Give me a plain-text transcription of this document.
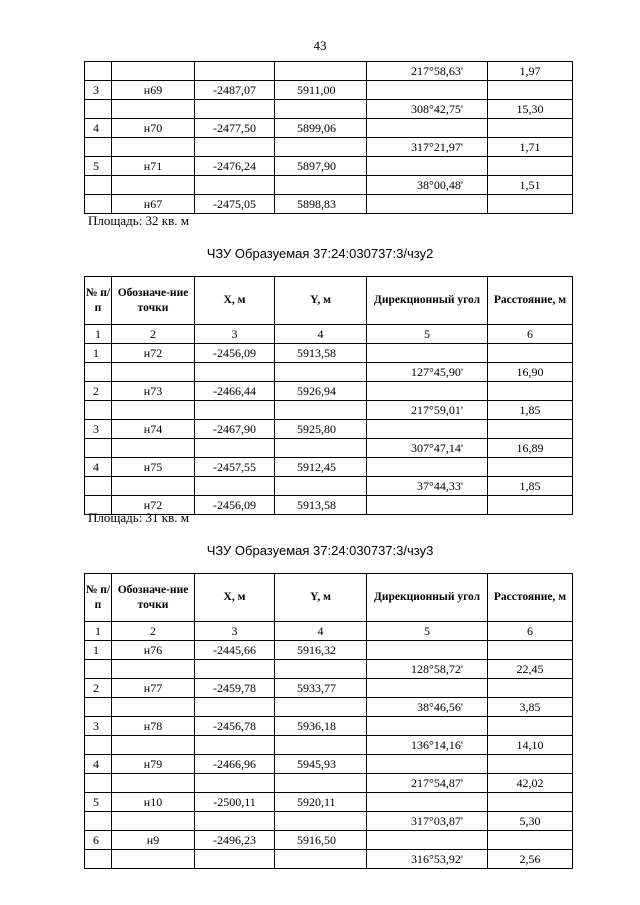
43
				217°58,63'	1,97
3	н69	-2487,07	5911,00		
				308°42,75'	15,30
4	н70	-2477,50	5899,06		
				317°21,97'	1,71
5	н71	-2476,24	5897,90		
				38°00,48'	1,51
	н67	-2475,05	5898,83		
Площадь: 32 кв. м
ЧЗУ Образуемая 37:24:030737:3/чзу2
№ п/п	Обозначе-ние точки	X, м	Y, м	Дирекционный угол	Расстояние, м
1	2	3	4	5	6
1	н72	-2456,09	5913,58		
				127°45,90'	16,90
2	н73	-2466,44	5926,94		
				217°59,01'	1,85
3	н74	-2467,90	5925,80		
				307°47,14'	16,89
4	н75	-2457,55	5912,45		
				37°44,33'	1,85
	н72	-2456,09	5913,58		
Площадь: 31 кв. м
ЧЗУ Образуемая 37:24:030737:3/чзу3
№ п/п	Обозначе-ние точки	X, м	Y, м	Дирекционный угол	Расстояние, м
1	2	3	4	5	6
1	н76	-2445,66	5916,32		
				128°58,72'	22,45
2	н77	-2459,78	5933,77		
				38°46,56'	3,85
3	н78	-2456,78	5936,18		
				136°14,16'	14,10
4	н79	-2466,96	5945,93		
				217°54,87'	42,02
5	н10	-2500,11	5920,11		
				317°03,87'	5,30
6	н9	-2496,23	5916,50		
				316°53,92'	2,56
